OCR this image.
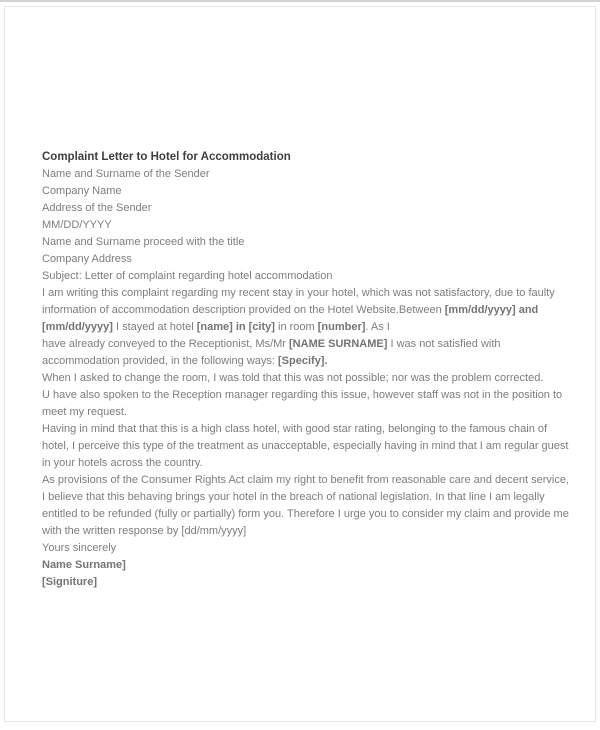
Complaint Letter to Hotel for Accommodation
Name and Surname of the Sender
Company Name
Address of the Sender
MM/DD/YYYY
Name and Surname proceed with the title
Company Address
Subject: Letter of complaint regarding hotel accommodation
I am writing this complaint regarding my recent stay in your hotel, which was not satisfactory, due to faulty
information of accommodation description provided on the Hotel Website.Between [mm/dd/yyyy] and
[mm/dd/yyyy] I stayed at hotel [name] in [city] in room [number]. As I
have already conveyed to the Receptionist, Ms/Mr [NAME SURNAME] I was not satisfied with
accommodation provided, in the following ways: [Specify].
When I asked to change the room, I was told that this was not possible; nor was the problem corrected.
U have also spoken to the Reception manager regarding this issue, however staff was not in the position to
meet my request.
Having in mind that that this is a high class hotel, with good star rating, belonging to the famous chain of
hotel, I perceive this type of the treatment as unacceptable, especially having in mind that I am regular guest
in your hotels across the country.
As provisions of the Consumer Rights Act claim my right to benefit from reasonable care and decent service,
I believe that this behaving brings your hotel in the breach of national legislation. In that line I am legally
entitled to be refunded (fully or partially) form you. Therefore I urge you to consider my claim and provide me
with the written response by [dd/mm/yyyy]
Yours sincerely
Name Surname]
[Signiture]
